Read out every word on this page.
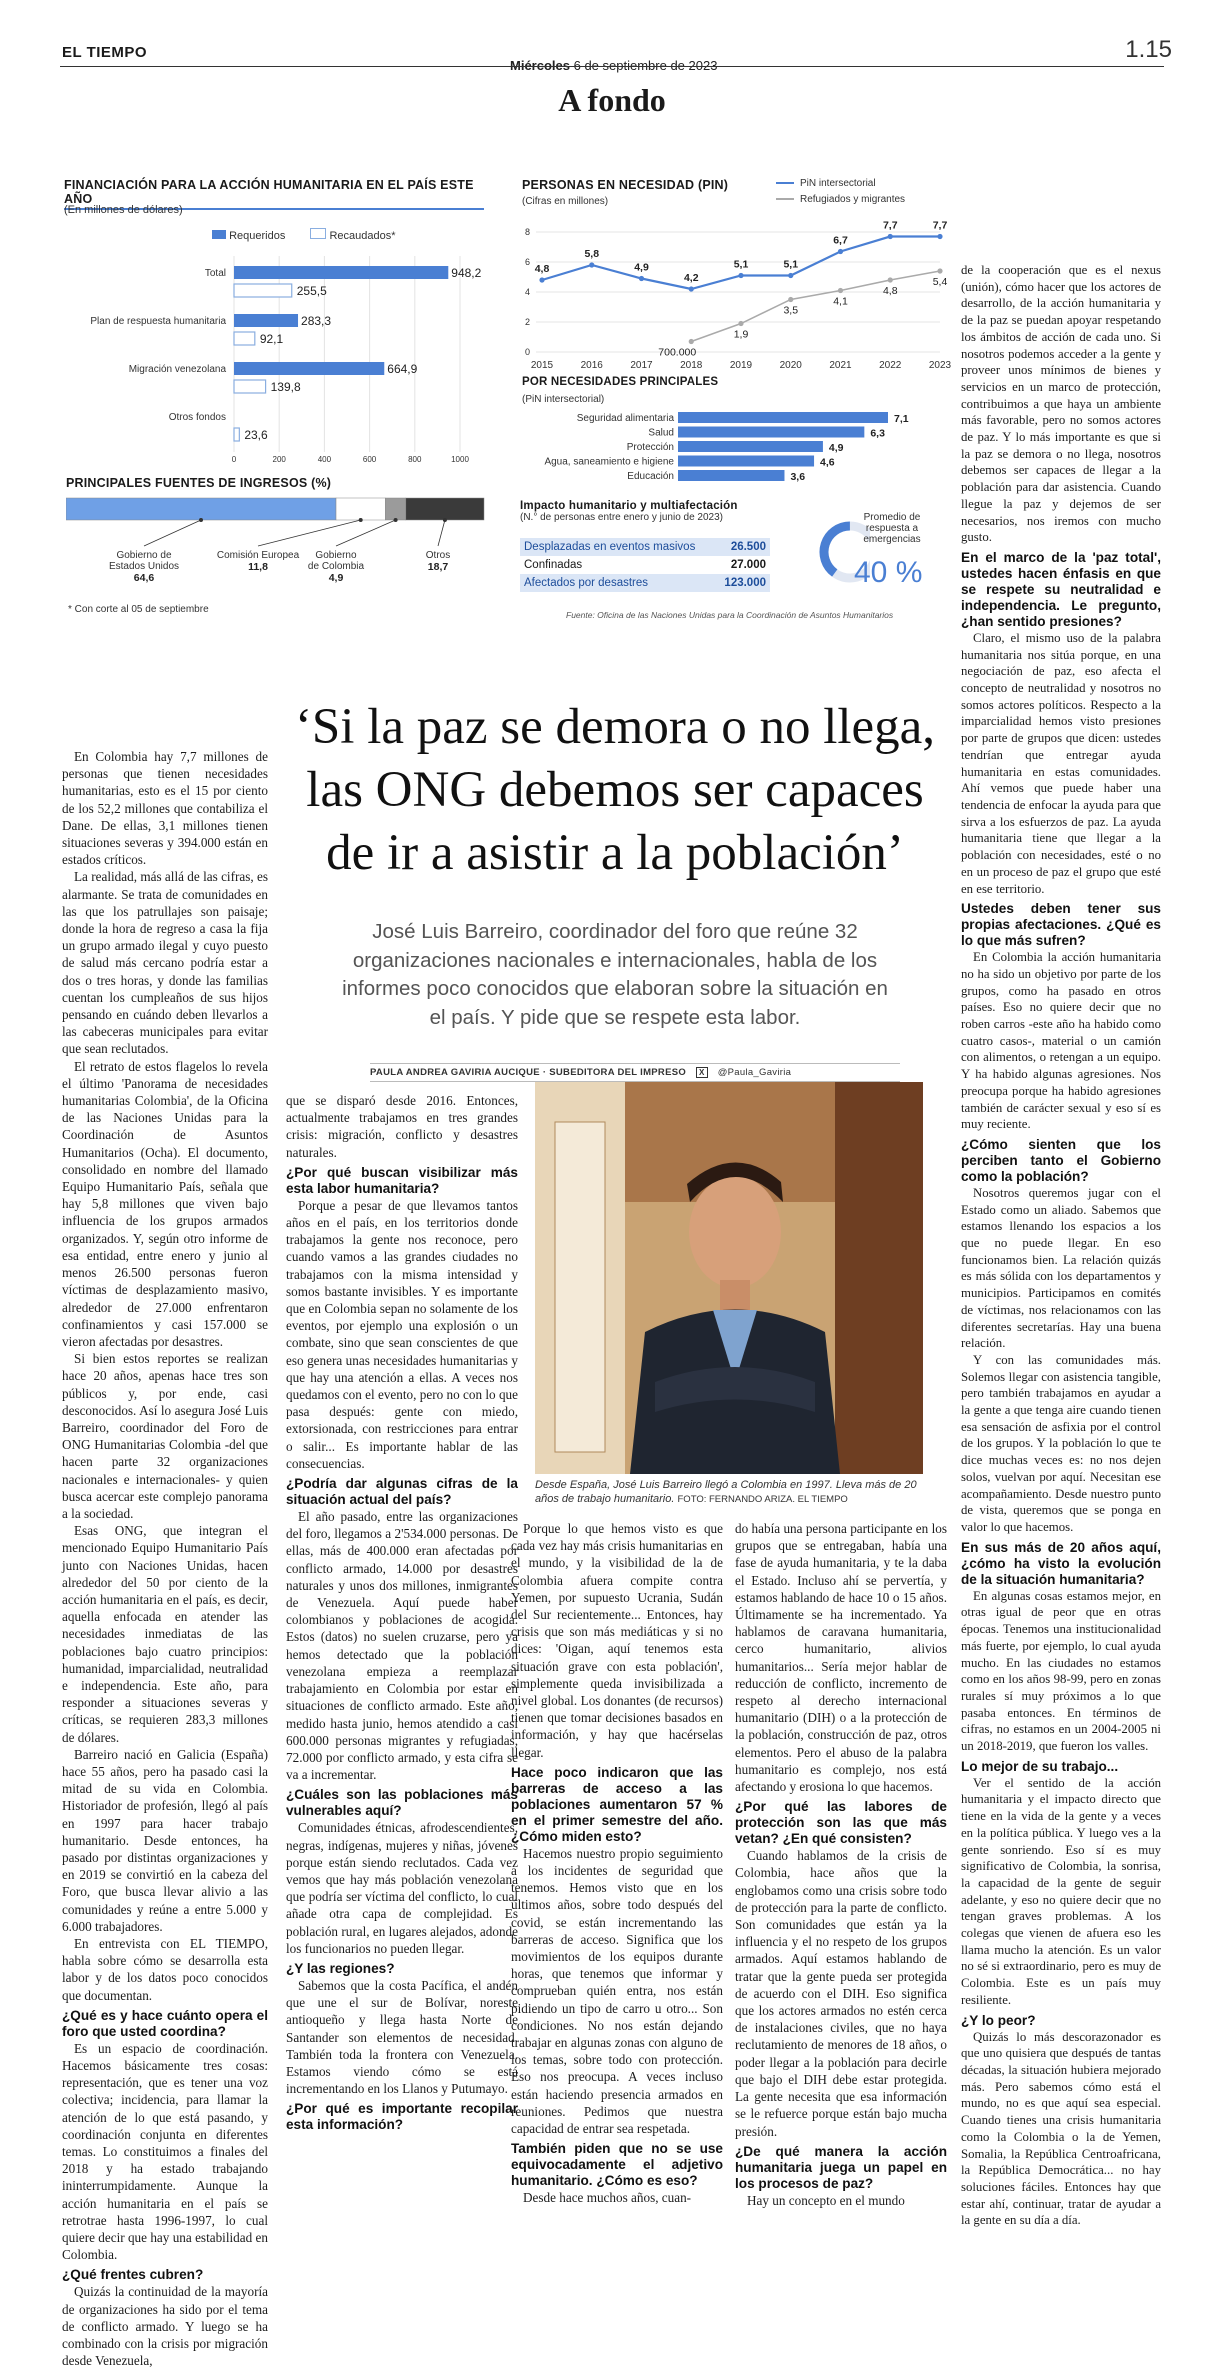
EL TIEMPO
Miércoles 6 de septiembre de 2023
1.15
A fondo
FINANCIACIÓN PARA LA ACCIÓN HUMANITARIA EN EL PAÍS ESTE AÑO
(En millones de dólares)
Requeridos	Recaudados*
0	200	400	600	800	1000
Total	948,2
255,5
Plan de respuesta humanitaria	283,3
92,1
Migración venezolana	664,9
139,8
Otros fondos
23,6
PRINCIPALES FUENTES DE INGRESOS (%)
Gobierno de
Estados Unidos
64,6
Comisión Europea
11,8
Gobierno
de Colombia
4,9
Otros
18,7
* Con corte al 05 de septiembre
PERSONAS EN NECESIDAD (PIN)
(Cifras en millones)
PiN intersectorial
Refugiados y migrantes
0
2
4
6
8
2015	2016	2017	2018	2019	2020	2021	2022	2023
4,8
5,8
4,9
4,2
5,1	5,1
6,7
7,7	7,7
700.000
1,9
3,5
4,1
4,8
5,4
POR NECESIDADES PRINCIPALES
(PiN intersectorial)
Seguridad alimentaria	7,1
Salud	6,3
Protección	4,9
Agua, saneamiento e higiene	4,6
Educación	3,6
Impacto humanitario y multiafectación
(N.° de personas entre enero y junio de 2023)
Desplazadas en eventos masivos	26.500
Confinadas	27.000
Afectados por desastres	123.000
Promedio de respuesta a emergencias
40 %
Fuente: Oficina de las Naciones Unidas para la Coordinación de Asuntos Humanitarios
‘Si la paz se demora o no llega, las ONG debemos ser capaces de ir a asistir a la población’
José Luis Barreiro, coordinador del foro que reúne 32 organizaciones nacionales e internacionales, habla de los informes poco conocidos que elaboran sobre la situación en el país. Y pide que se respete esta labor.
PAULA ANDREA GAVIRIA AUCIQUE · SUBEDITORA DEL IMPRESO	X	@Paula_Gaviria
Desde España, José Luis Barreiro llegó a Colombia en 1997. Lleva más de 20 años de trabajo humanitario. FOTO: FERNANDO ARIZA. EL TIEMPO

En Colombia hay 7,7 millones de personas que tienen necesidades humanitarias, esto es el 15 por ciento de los 52,2 millones que contabiliza el Dane. De ellas, 3,1 millones tienen situaciones severas y 394.000 están en estados críticos.

La realidad, más allá de las cifras, es alarmante. Se trata de comunidades en las que los patrullajes son paisaje; donde la hora de regreso a casa la fija un grupo armado ilegal y cuyo puesto de salud más cercano podría estar a dos o tres horas, y donde las familias cuentan los cumpleaños de sus hijos pensando en cuándo deben llevarlos a las cabeceras municipales para evitar que sean reclutados.

El retrato de estos flagelos lo revela el último 'Panorama de necesidades humanitarias Colombia', de la Oficina de las Naciones Unidas para la Coordinación de Asuntos Humanitarios (Ocha). El documento, consolidado en nombre del llamado Equipo Humanitario País, señala que hay 5,8 millones que viven bajo influencia de los grupos armados organizados. Y, según otro informe de esa entidad, entre enero y junio al menos 26.500 personas fueron víctimas de desplazamiento masivo, alrededor de 27.000 enfrentaron confinamientos y casi 157.000 se vieron afectadas por desastres.

Si bien estos reportes se realizan hace 20 años, apenas hace tres son públicos y, por ende, casi desconocidos. Así lo asegura José Luis Barreiro, coordinador del Foro de ONG Humanitarias Colombia -del que hacen parte 32 organizaciones nacionales e internacionales- y quien busca acercar este complejo panorama a la sociedad.

Esas ONG, que integran el mencionado Equipo Humanitario País junto con Naciones Unidas, hacen alrededor del 50 por ciento de la acción humanitaria en el país, es decir, aquella enfocada en atender las necesidades inmediatas de las poblaciones bajo cuatro principios: humanidad, imparcialidad, neutralidad e independencia. Este año, para responder a situaciones severas y críticas, se requieren 283,3 millones de dólares.

Barreiro nació en Galicia (España) hace 55 años, pero ha pasado casi la mitad de su vida en Colombia. Historiador de profesión, llegó al país en 1997 para hacer trabajo humanitario. Desde entonces, ha pasado por distintas organizaciones y en 2019 se convirtió en la cabeza del Foro, que busca llevar alivio a las comunidades y reúne a entre 5.000 y 6.000 trabajadores.

En entrevista con EL TIEMPO, habla sobre cómo se desarrolla esta labor y de los datos poco conocidos que documentan.

¿Qué es y hace cuánto opera el foro que usted coordina?

Es un espacio de coordinación. Hacemos básicamente tres cosas: representación, que es tener una voz colectiva; incidencia, para llamar la atención de lo que está pasando, y coordinación conjunta en diferentes temas. Lo constituimos a finales del 2018 y ha estado trabajando ininterrumpidamente. Aunque la acción humanitaria en el país se retrotrae hasta 1996-1997, lo cual quiere decir que hay una estabilidad en Colombia.

¿Qué frentes cubren?

Quizás la continuidad de la mayoría de organizaciones ha sido por el tema de conflicto armado. Y luego se ha combinado con la crisis por migración desde Venezuela,

que se disparó desde 2016. Entonces, actualmente trabajamos en tres grandes crisis: migración, conflicto y desastres naturales.

¿Por qué buscan visibilizar más esta labor humanitaria?

Porque a pesar de que llevamos tantos años en el país, en los territorios donde trabajamos la gente nos reconoce, pero cuando vamos a las grandes ciudades no trabajamos con la misma intensidad y somos bastante invisibles. Y es importante que en Colombia sepan no solamente de los eventos, por ejemplo una explosión o un combate, sino que sean conscientes de que eso genera unas necesidades humanitarias y que hay una atención a ellas. A veces nos quedamos con el evento, pero no con lo que pasa después: gente con miedo, extorsionada, con restricciones para entrar o salir... Es importante hablar de las consecuencias.

¿Podría dar algunas cifras de la situación actual del país?

El año pasado, entre las organizaciones del foro, llegamos a 2'534.000 personas. De ellas, más de 400.000 eran afectadas por conflicto armado, 14.000 por desastres naturales y unos dos millones, inmigrantes de Venezuela. Aquí puede haber colombianos y poblaciones de acogida. Estos (datos) no suelen cruzarse, pero ya hemos detectado que la población venezolana empieza a reemplazar trabajamiento en Colombia por estar en situaciones de conflicto armado. Este año, medido hasta junio, hemos atendido a casi 600.000 personas migrantes y refugiadas, 72.000 por conflicto armado, y esta cifra se va a incrementar.

¿Cuáles son las poblaciones más vulnerables aquí?

Comunidades étnicas, afrodescendientes, negras, indígenas, mujeres y niñas, jóvenes porque están siendo reclutados. Cada vez vemos que hay más población venezolana que podría ser víctima del conflicto, lo cual añade otra capa de complejidad. Es población rural, en lugares alejados, adonde los funcionarios no pueden llegar.

¿Y las regiones?

Sabemos que la costa Pacífica, el andén que une el sur de Bolívar, noreste antioqueño y llega hasta Norte de Santander son elementos de necesidad. También toda la frontera con Venezuela. Estamos viendo cómo se está incrementando en los Llanos y Putumayo.

¿Por qué es importante recopilar esta información?

Porque lo que hemos visto es que cada vez hay más crisis humanitarias en el mundo, y la visibilidad de la de Colombia afuera compite contra Yemen, por supuesto Ucrania, Sudán del Sur recientemente... Entonces, hay crisis que son más mediáticas y si no dices: 'Oigan, aquí tenemos esta situación grave con esta población', simplemente queda invisibilizada a nivel global. Los donantes (de recursos) tienen que tomar decisiones basados en información, y hay que hacérselas llegar.

Hace poco indicaron que las barreras de acceso a las poblaciones aumentaron 57 % en el primer semestre del año. ¿Cómo miden esto?

Hacemos nuestro propio seguimiento a los incidentes de seguridad que tenemos. Hemos visto que en los últimos años, sobre todo después del covid, se están incrementando las barreras de acceso. Significa que los movimientos de los equipos durante horas, que tenemos que informar y comprueban quién entra, nos están pidiendo un tipo de carro u otro... Son condiciones. No nos están dejando trabajar en algunas zonas con alguno de los temas, sobre todo con protección. Eso nos preocupa. A veces incluso están haciendo presencia armados en reuniones. Pedimos que nuestra capacidad de entrar sea respetada.

También piden que no se use equivocadamente el adjetivo humanitario. ¿Cómo es eso?

Desde hace muchos años, cuan-

do había una persona participante en los grupos que se entregaban, había una fase de ayuda humanitaria, y te la daba el Estado. Incluso ahí se pervertía, y estamos hablando de hace 10 o 15 años. Últimamente se ha incrementado. Ya hablamos de caravana humanitaria, cerco humanitario, alivios humanitarios... Sería mejor hablar de reducción de conflicto, incremento de respeto al derecho internacional humanitario (DIH) o a la protección de la población, construcción de paz, otros elementos. Pero el abuso de la palabra humanitario es complejo, nos está afectando y erosiona lo que hacemos.

¿Por qué las labores de protección son las que más vetan? ¿En qué consisten?

Cuando hablamos de la crisis de Colombia, hace años que la englobamos como una crisis sobre todo de protección para la parte de conflicto. Son comunidades que están ya la influencia y el no respeto de los grupos armados. Aquí estamos hablando de tratar que la gente pueda ser protegida de acuerdo con el DIH. Eso significa que los actores armados no estén cerca de instalaciones civiles, que no haya reclutamiento de menores de 18 años, o poder llegar a la población para decirle que bajo el DIH debe estar protegida. La gente necesita que esa información se le refuerce porque están bajo mucha presión.

¿De qué manera la acción humanitaria juega un papel en los procesos de paz?

Hay un concepto en el mundo

de la cooperación que es el nexus (unión), cómo hacer que los actores de desarrollo, de la acción humanitaria y de la paz se puedan apoyar respetando los ámbitos de acción de cada uno. Si nosotros podemos acceder a la gente y proveer unos mínimos de bienes y servicios en un marco de protección, contribuimos a que haya un ambiente más favorable, pero no somos actores de paz. Y lo más importante es que si la paz se demora o no llega, nosotros debemos ser capaces de llegar a la población para dar asistencia. Cuando llegue la paz y dejemos de ser necesarios, nos iremos con mucho gusto.

En el marco de la 'paz total', ustedes hacen énfasis en que se respete su neutralidad e independencia. Le pregunto, ¿han sentido presiones?

Claro, el mismo uso de la palabra humanitaria nos sitúa porque, en una negociación de paz, eso afecta el concepto de neutralidad y nosotros no somos actores políticos. Respecto a la imparcialidad hemos visto presiones por parte de grupos que dicen: ustedes tendrían que entregar ayuda humanitaria en estas comunidades. Ahí vemos que puede haber una tendencia de enfocar la ayuda para que sirva a los esfuerzos de paz. La ayuda humanitaria tiene que llegar a la población con necesidades, esté o no en un proceso de paz el grupo que esté en ese territorio.

Ustedes deben tener sus propias afectaciones. ¿Qué es lo que más sufren?

En Colombia la acción humanitaria no ha sido un objetivo por parte de los grupos, como ha pasado en otros países. Eso no quiere decir que no roben carros -este año ha habido como cuatro casos-, material o un camión con alimentos, o retengan a un equipo. Y ha habido algunas agresiones. Nos preocupa porque ha habido agresiones también de carácter sexual y eso sí es muy reciente.

¿Cómo sienten que los perciben tanto el Gobierno como la población?

Nosotros queremos jugar con el Estado como un aliado. Sabemos que estamos llenando los espacios a los que no puede llegar. En eso funcionamos bien. La relación quizás es más sólida con los departamentos y municipios. Participamos en comités de víctimas, nos relacionamos con las diferentes secretarías. Hay una buena relación.

Y con las comunidades más. Solemos llegar con asistencia tangible, pero también trabajamos en ayudar a la gente a que tenga aire cuando tienen esa sensación de asfixia por el control de los grupos. Y la población lo que te dice muchas veces es: no nos dejen solos, vuelvan por aquí. Necesitan ese acompañamiento. Desde nuestro punto de vista, queremos que se ponga en valor lo que hacemos.

En sus más de 20 años aquí, ¿cómo ha visto la evolución de la situación humanitaria?

En algunas cosas estamos mejor, en otras igual de peor que en otras épocas. Tenemos una institucionalidad más fuerte, por ejemplo, lo cual ayuda mucho. En las ciudades no estamos como en los años 98-99, pero en zonas rurales sí muy próximos a lo que pasaba entonces. En términos de cifras, no estamos en un 2004-2005 ni un 2018-2019, que fueron los valles.

Lo mejor de su trabajo...

Ver el sentido de la acción humanitaria y el impacto directo que tiene en la vida de la gente y a veces en la política pública. Y luego ves a la gente sonriendo. Eso sí es muy significativo de Colombia, la sonrisa, la capacidad de la gente de seguir adelante, y eso no quiere decir que no tengan graves problemas. A los colegas que vienen de afuera eso les llama mucho la atención. Es un valor no sé si extraordinario, pero es muy de Colombia. Este es un país muy resiliente.

¿Y lo peor?

Quizás lo más descorazonador es que uno quisiera que después de tantas décadas, la situación hubiera mejorado más. Pero sabemos cómo está el mundo, no es que aquí sea especial. Cuando tienes una crisis humanitaria como la Colombia o la de Yemen, Somalia, la República Centroafricana, la República Democrática... no hay soluciones fáciles. Entonces hay que estar ahí, continuar, tratar de ayudar a la gente en su día a día.
